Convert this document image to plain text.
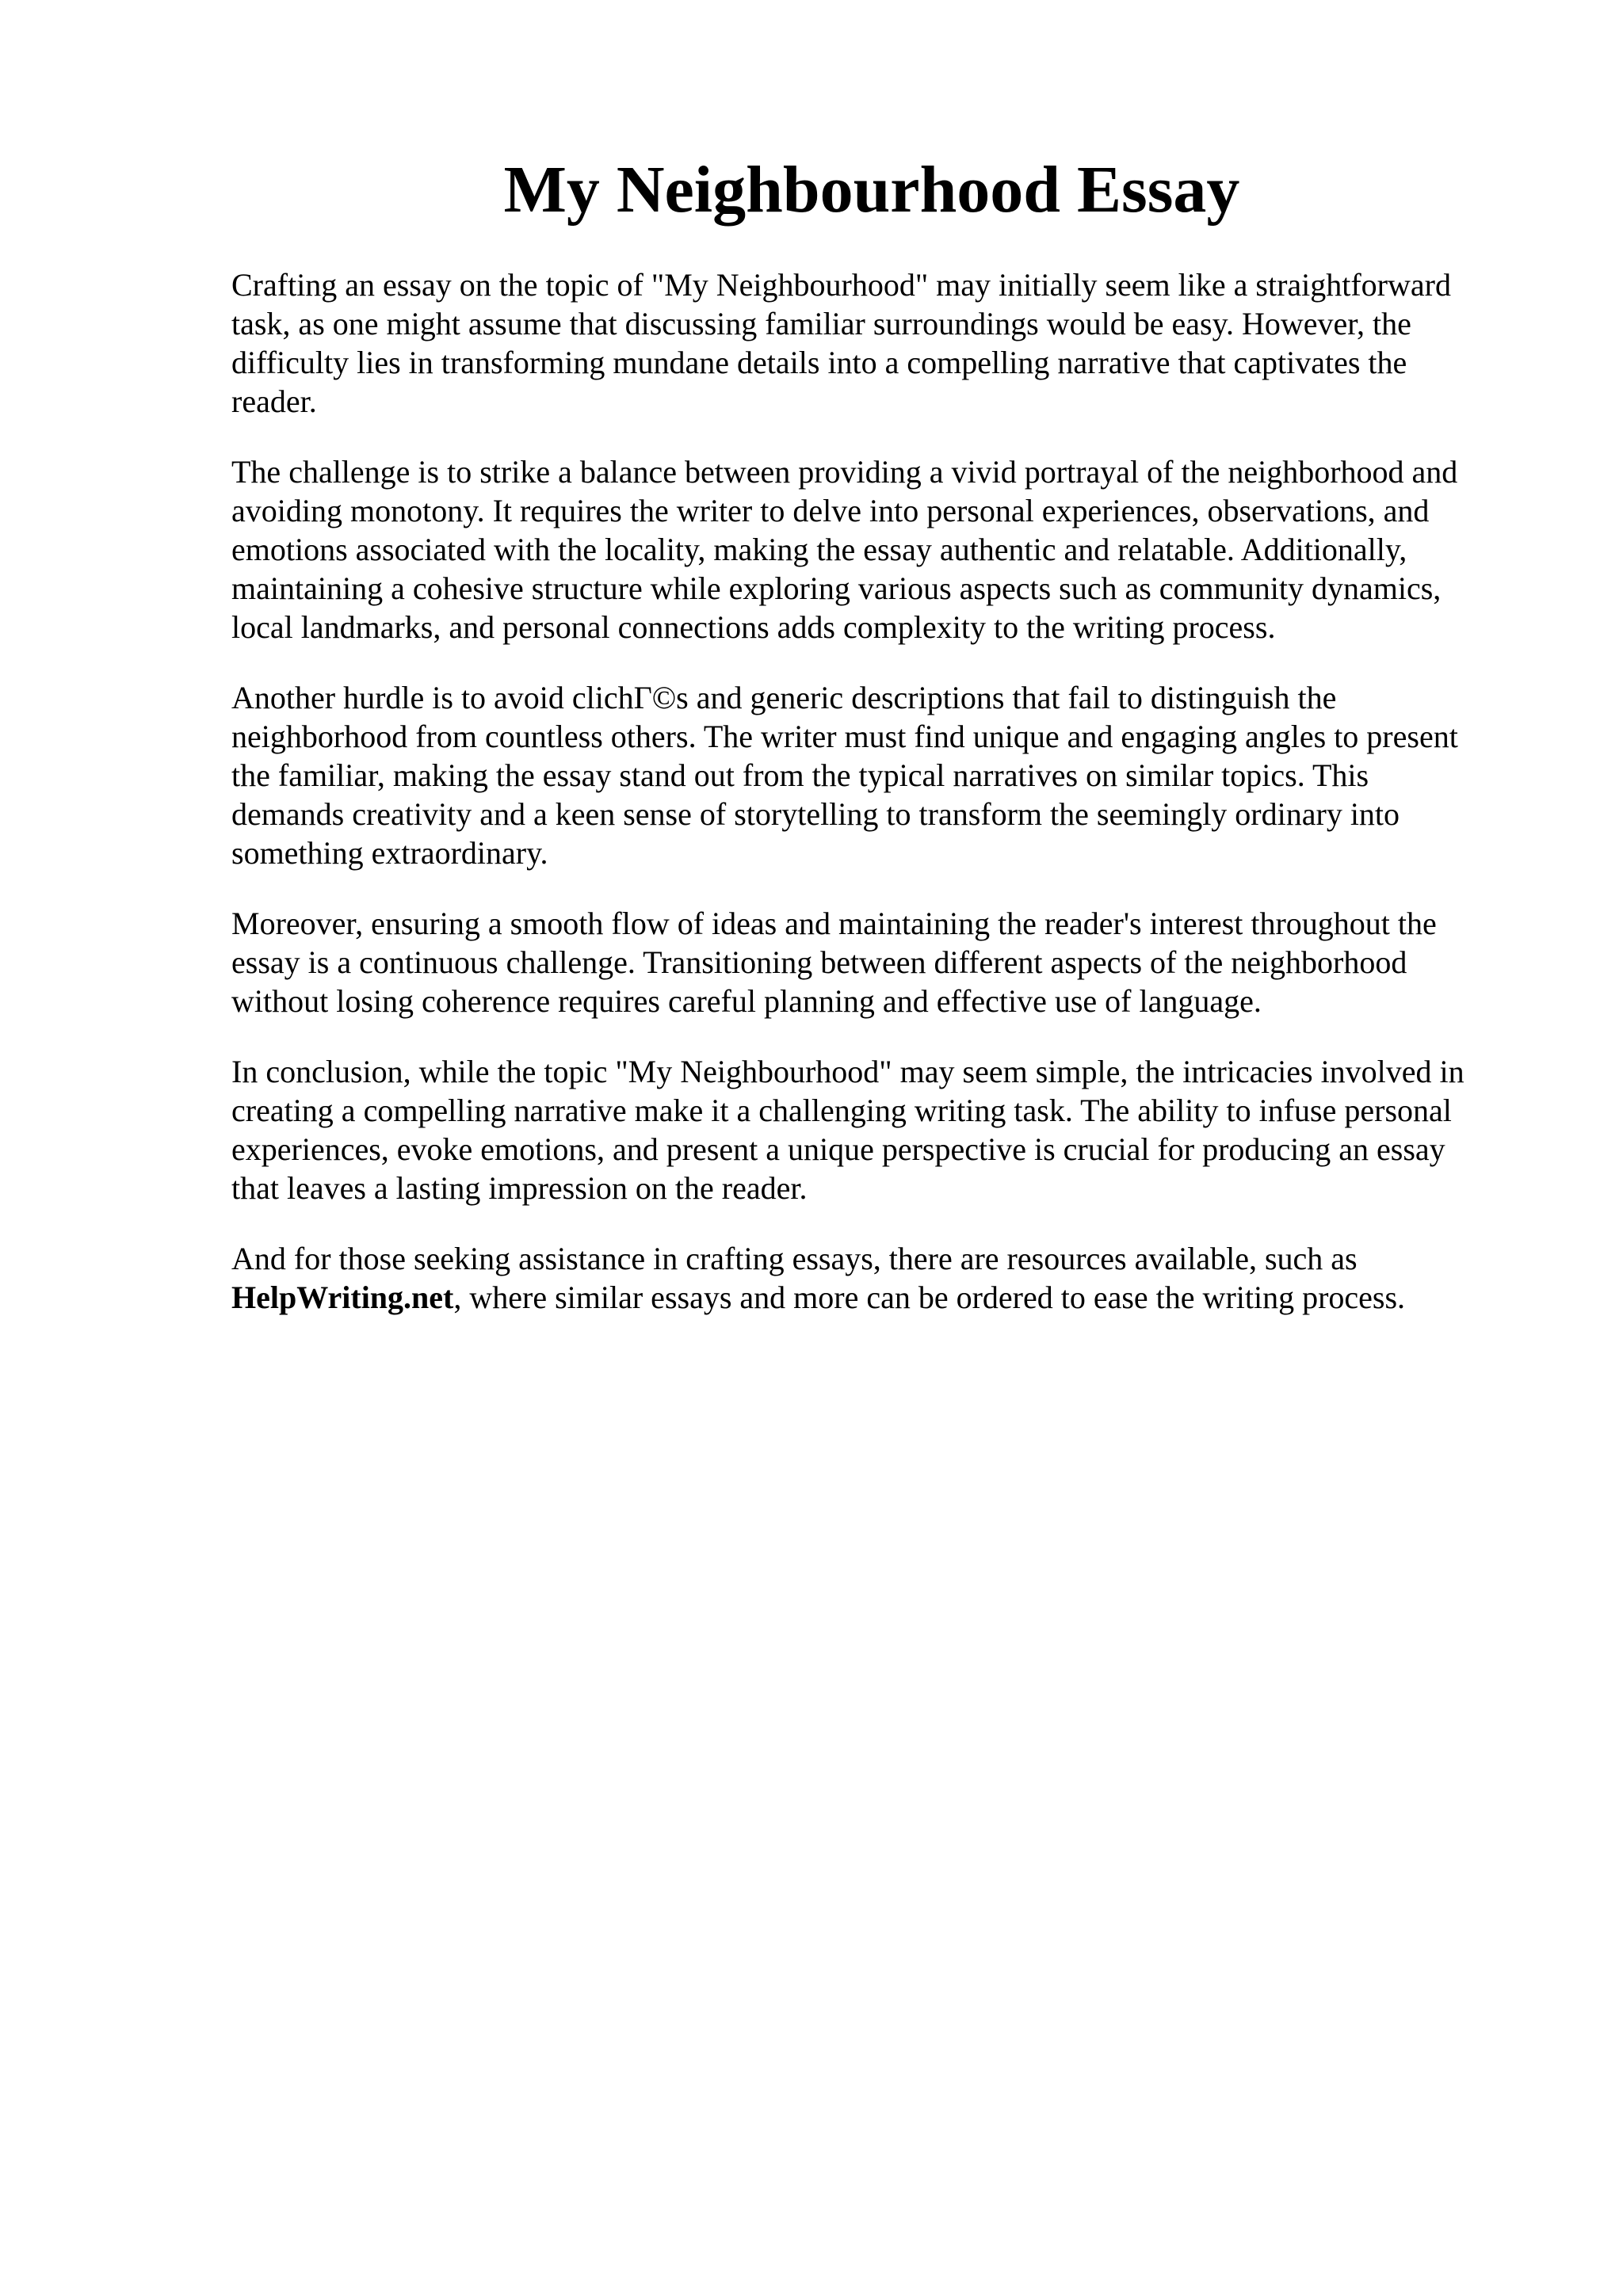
My Neighbourhood Essay

Crafting an essay on the topic of "My Neighbourhood" may initially seem like a straightforward
task, as one might assume that discussing familiar surroundings would be easy. However, the
difficulty lies in transforming mundane details into a compelling narrative that captivates the
reader.

The challenge is to strike a balance between providing a vivid portrayal of the neighborhood and
avoiding monotony. It requires the writer to delve into personal experiences, observations, and
emotions associated with the locality, making the essay authentic and relatable. Additionally,
maintaining a cohesive structure while exploring various aspects such as community dynamics,
local landmarks, and personal connections adds complexity to the writing process.

Another hurdle is to avoid clichΓ©s and generic descriptions that fail to distinguish the
neighborhood from countless others. The writer must find unique and engaging angles to present
the familiar, making the essay stand out from the typical narratives on similar topics. This
demands creativity and a keen sense of storytelling to transform the seemingly ordinary into
something extraordinary.

Moreover, ensuring a smooth flow of ideas and maintaining the reader's interest throughout the
essay is a continuous challenge. Transitioning between different aspects of the neighborhood
without losing coherence requires careful planning and effective use of language.

In conclusion, while the topic "My Neighbourhood" may seem simple, the intricacies involved in
creating a compelling narrative make it a challenging writing task. The ability to infuse personal
experiences, evoke emotions, and present a unique perspective is crucial for producing an essay
that leaves a lasting impression on the reader.

And for those seeking assistance in crafting essays, there are resources available, such as
HelpWriting.net, where similar essays and more can be ordered to ease the writing process.
